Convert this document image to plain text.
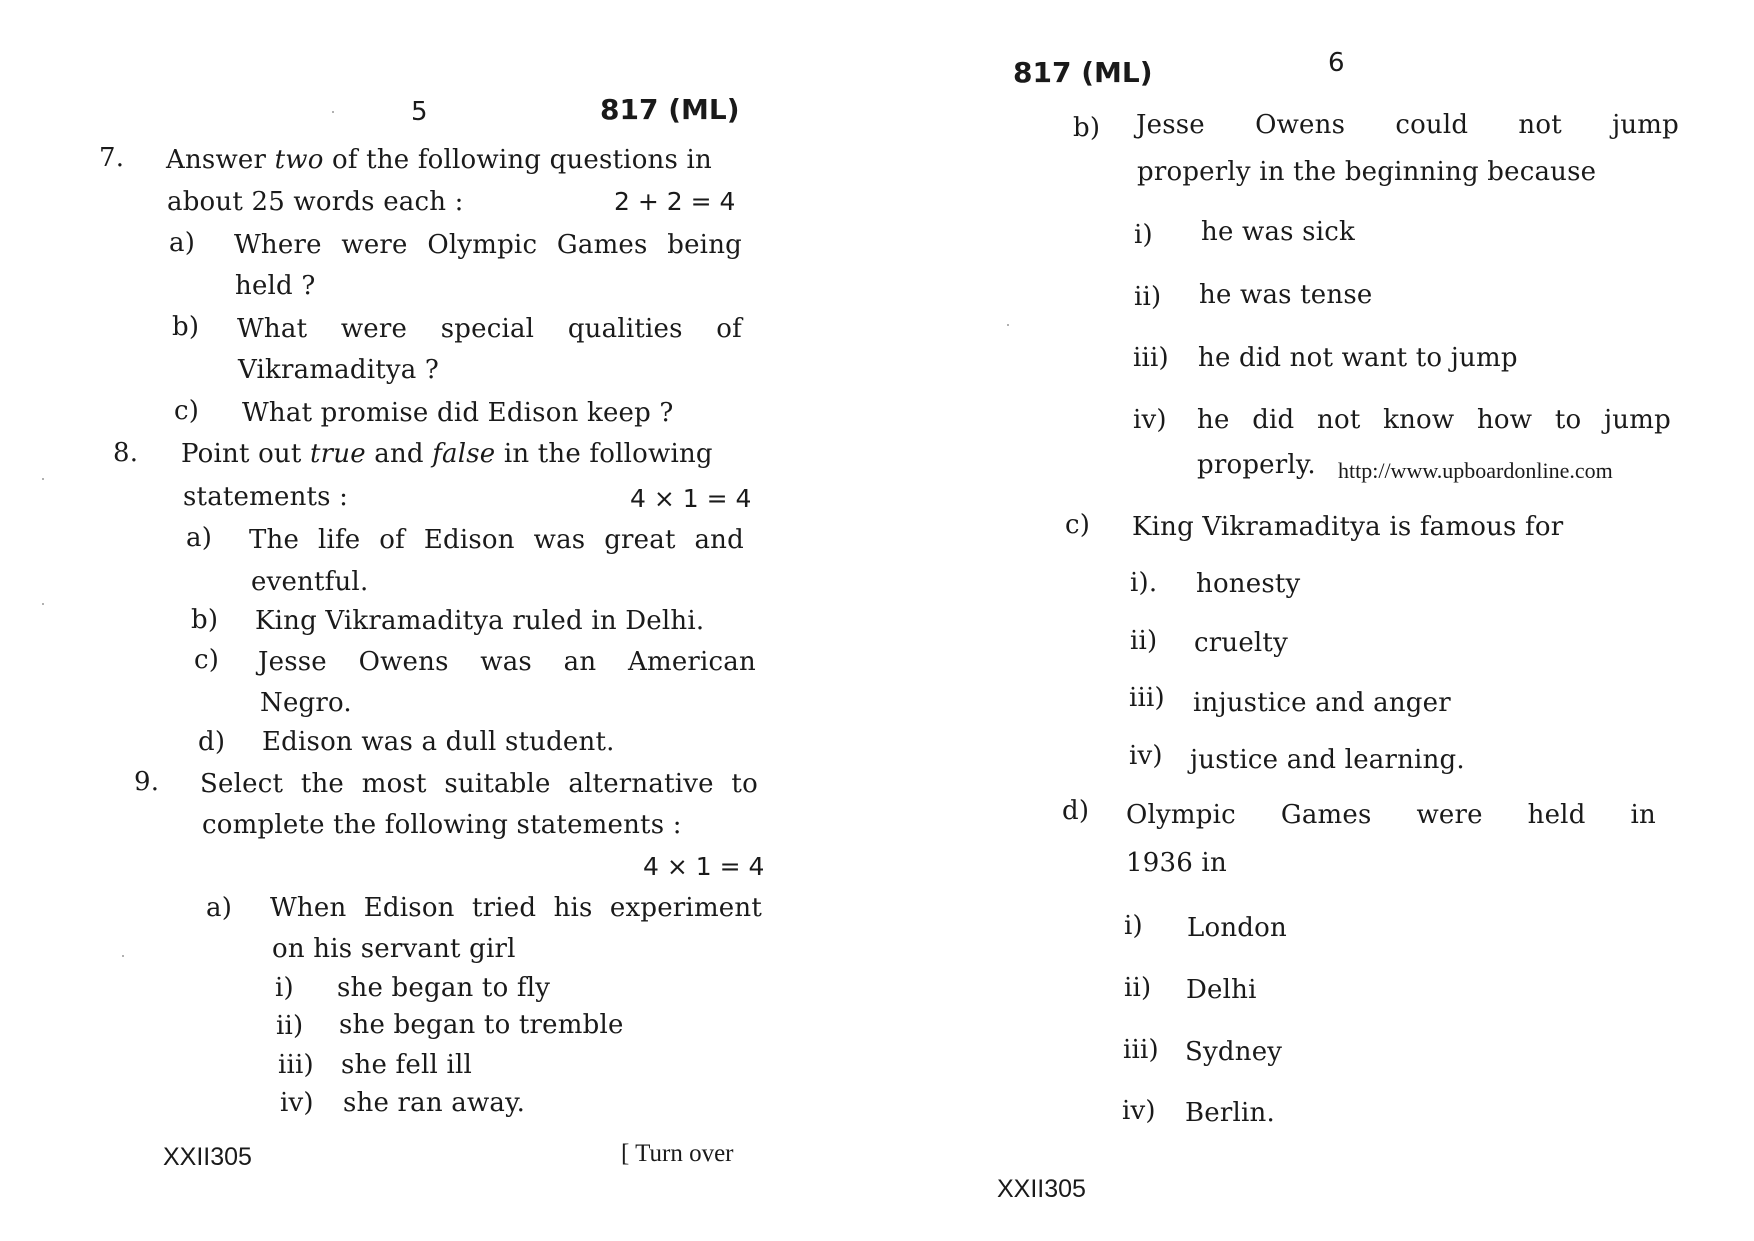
5	817 (ML)
7. Answer two of the following questions in
about 25 words each :	2 + 2 = 4
a) Where were Olympic Games being
held ?
b) What were special qualities of
Vikramaditya ?
c) What promise did Edison keep ?
8. Point out true and false in the following
statements :	4 × 1 = 4
a) The life of Edison was great and
eventful.
b) King Vikramaditya ruled in Delhi.
c) Jesse Owens was an American
Negro.
d) Edison was a dull student.
9. Select the most suitable alternative to
complete the following statements :
4 × 1 = 4
a) When Edison tried his experiment
on his servant girl
i) she began to fly
ii) she began to tremble
iii) she fell ill
iv) she ran away.
XXII305	[ Turn over
817 (ML)	6
b) Jesse Owens could not jump
properly in the beginning because
i) he was sick
ii) he was tense
iii) he did not want to jump
iv) he did not know how to jump
properly. http://www.upboardonline.com
c) King Vikramaditya is famous for
i). honesty
ii) cruelty
iii) injustice and anger
iv) justice and learning.
d) Olympic Games were held in
1936 in
i) London
ii) Delhi
iii) Sydney
iv) Berlin.
XXII305
